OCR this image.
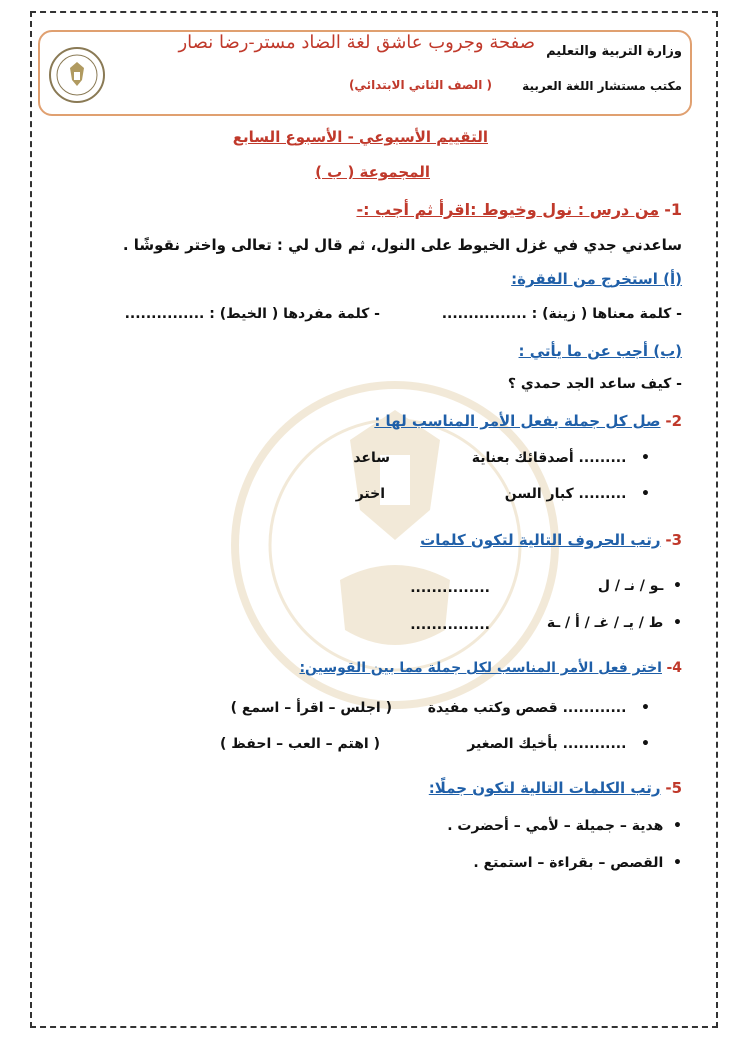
وزارة التربية والتعليم
مكتب مستشار اللغة العربية
صفحة وجروب عاشق لغة الضاد مستر-رضا نصار
( الصف الثاني الابتدائي)
التقييم الأسبوعي - الأسبوع السابع
المجموعة ( ب )
1- من درس : نول وخيوط :اقرأ ثم أجب :-
ساعدني جدي في غزل الخيوط على النول، ثم قال لي : تعالى واختر نقوشًا .
(أ) استخرج من الفقرة:
- كلمة معناها ( زينة) : ................
- كلمة مفردها ( الخيط) : ...............
(ب) أجب عن ما يأتي :
- كيف ساعد الجد حمدي ؟
2- صل كل جملة بفعل الأمر المناسب لها :
•   ......... أصدقائك بعناية
ساعد
•   ......... كبار السن
اختر
3- رتب الحروف التالية لتكون كلمات
•  ـو / نـ / ل
...............
•  ط / يـ / غـ / أ / ـة
...............
4- اختر فعل الأمر المناسب لكل جملة مما بين القوسين:
•   ............ قصص وكتب مفيدة
( اجلس – اقرأ – اسمع )
•   ............ بأخيك الصغير
( اهتم – العب – احفظ )
5- رتب الكلمات التالية لتكون جملًا:
•  هدية – جميلة – لأمي – أحضرت .
•  القصص – بقراءة – استمتع .
